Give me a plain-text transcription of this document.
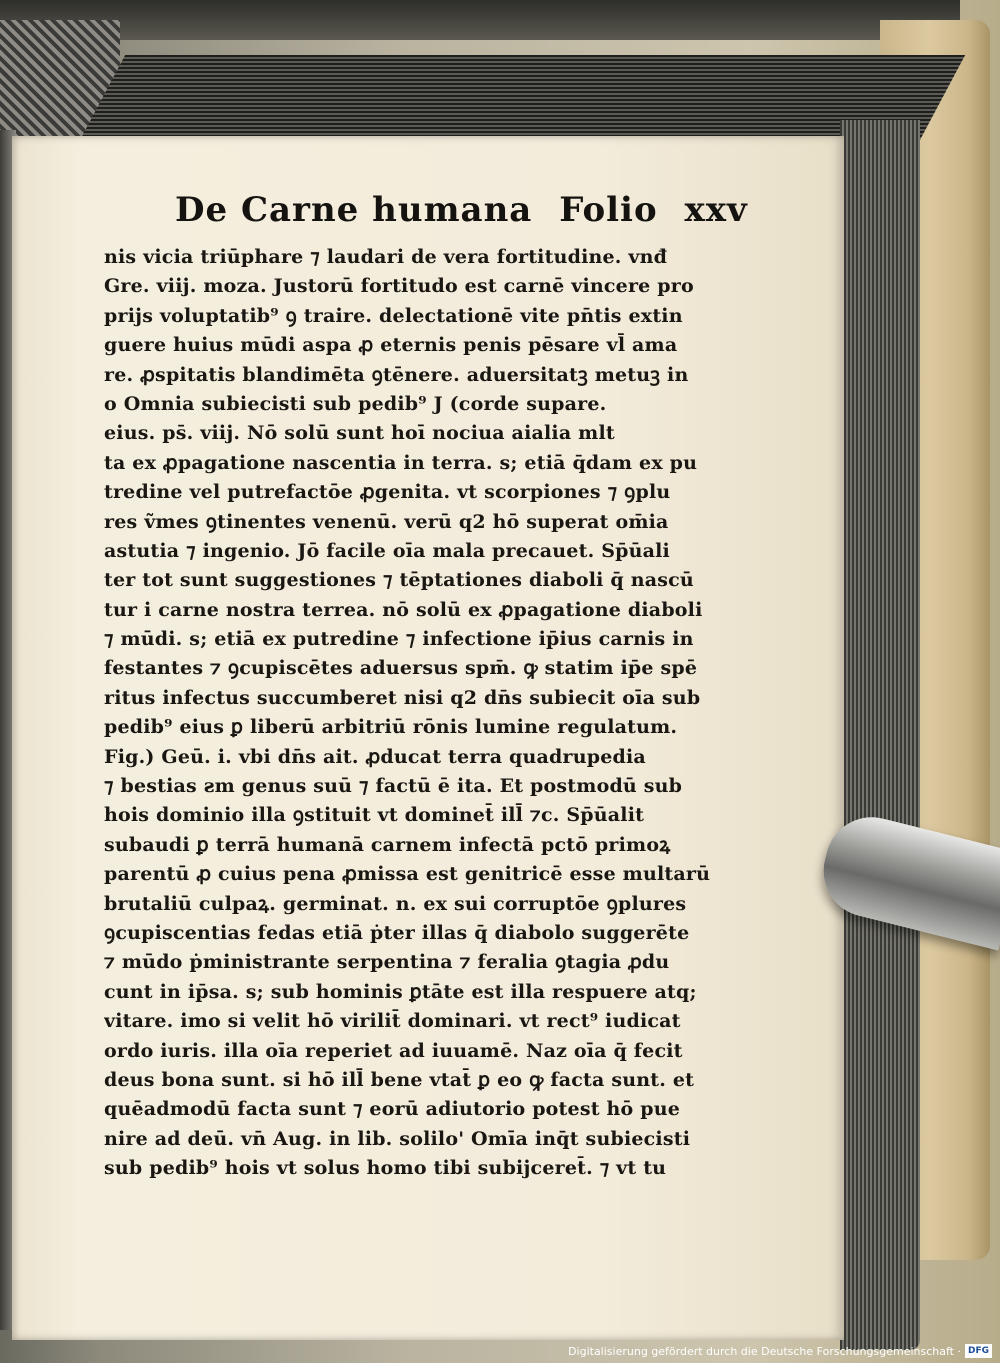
De Carne humana Folio xxv
nis vicia triūphare ⁊ laudari de vera fortitudine. vnđ
Gre. viij. moza. Justorū fortitudo est carnē vincere pro
prijs voluptatib⁹ ꝯ traire. delectationē vite pn̄tis extin
guere huius mūdi aspa ꝓ eternis penis pēsare vl̄ ama
re. ꝓspitatis blandimēta ꝯtēnere. aduersitatꝫ metuꝫ in
o Omnia subiecisti sub pedib⁹ J (corde supare.
eius. ps̄. viij. Nō solū sunt hoī nociua aialia mlt
ta ex ꝓpagatione nascentia in terra. s; etiā q̄dam ex pu
tredine vel putrefactōe ꝓgenita. vt scorpiones ⁊ ꝯplu
res ṽmes ꝯtinentes venenū. verū q2 hō superat om̄ia
astutia ⁊ ingenio. Jō facile oīa mala precauet. Sp̄ūali
ter tot sunt suggestiones ⁊ tēptationes diaboli q̄ nascū
tur i carne nostra terrea. nō solū ex ꝓpagatione diaboli
⁊ mūdi. s; etiā ex putredine ⁊ infectione ip̄ius carnis in
festantes ⁊ ꝯcupiscētes aduersus spm̄. ꝙ statim ip̄e spē
ritus infectus succumberet nisi q2 dn̄s subiecit oīa sub
pedib⁹ eius ꝑ liberū arbitriū rōnis lumine regulatum.
Fig.) Geū. i. vbi dn̄s ait. ꝓducat terra quadrupedia
⁊ bestias ƨm genus suū ⁊ factū ē ita. Et postmodū sub
hois dominio illa ꝯstituit vt dominet̄ ill̄ ⁊c. Sp̄ūalit
subaudi ꝑ terrā humanā carnem infectā pctō primoꝝ
parentū ꝓ cuius pena ꝓmissa est genitricē esse multarū
brutaliū culpaꝝ. germinat. n. ex sui corruptōe ꝯplures
ꝯcupiscentias fedas etiā ṗter illas q̄ diabolo suggerēte
⁊ mūdo ṗministrante serpentina ⁊ feralia ꝯtagia ꝓdu
cunt in ip̄sa. s; sub hominis ꝑtāte est illa respuere atq;
vitare. imo si velit hō virilit̄ dominari. vt rect⁹ iudicat
ordo iuris. illa oīa reperiet ad iuuamē. Naz oīa q̄ fecit
deus bona sunt. si hō ill̄ bene vtat̄ ꝑ eo ꝙ facta sunt. et
quēadmodū facta sunt ⁊ eorū adiutorio potest hō pue
nire ad deū. vn̄ Aug. in lib. solilo' Omīa inq̄t subiecisti
sub pedib⁹ hois vt solus homo tibi subijceret̄. ⁊ vt tu
Digitalisierung gefördert durch die Deutsche Forschungsgemeinschaft · DFG
